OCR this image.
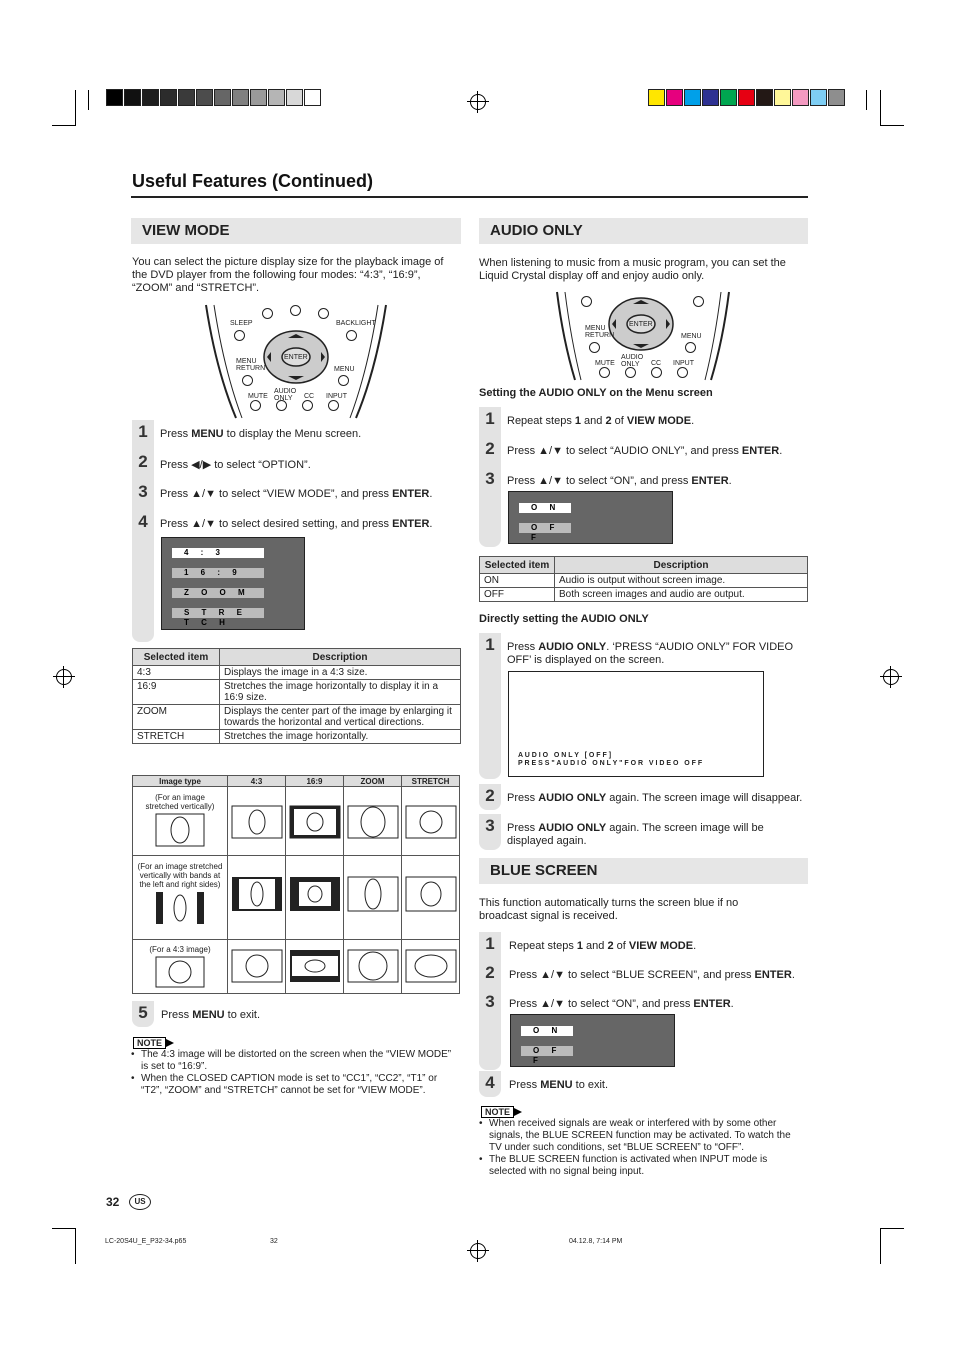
Useful Features (Continued)
VIEW MODE
You can select the picture display size for the playback image of the DVD player from the following four modes: “4:3”, “16:9”, “ZOOM” and “STRETCH”.
SLEEP	BACKLIGHT
ENTER
MENU
RETURN	MENU
MUTE
AUDIO
ONLY	CC INPUT
1	Press MENU to display the Menu screen.
2	Press ◀/▶ to select “OPTION”.
3	Press ▲/▼ to select “VIEW MODE”, and press ENTER.
4	Press ▲/▼ to select desired setting, and press ENTER.
4 : 3
1 6 : 9
Z O O M
S T R E T C H
Selected item	Description
4:3	Displays the image in a 4:3 size.
16:9	Stretches the image horizontally to display it in a 16:9 size.
ZOOM	Displays the center part of the image by enlarging it towards the horizontal and vertical directions.
STRETCH	Stretches the image horizontally.
Image type	4:3	16:9	ZOOM	STRETCH

(For an image stretched vertically)

(For an image stretched vertically with bands at the left and right sides)

(For a 4:3 image)

5	Press MENU to exit.
NOTE
• The 4:3 image will be distorted on the screen when the “VIEW MODE” is set to “16:9”.
• When the CLOSED CAPTION mode is set to “CC1”, “CC2”, “T1” or “T2”, “ZOOM” and “STRETCH” cannot be set for “VIEW MODE”.
AUDIO ONLY
When listening to music from a music program, you can set the Liquid Crystal display off and enjoy audio only.
ENTER
MENU
RETURN	MENU
MUTE
AUDIO
ONLY	CC INPUT
Setting the AUDIO ONLY on the Menu screen
1	Repeat steps 1 and 2 of VIEW MODE.
2	Press ▲/▼ to select “AUDIO ONLY”, and press ENTER.
3	Press ▲/▼ to select “ON”, and press ENTER.
O N
O F F
Selected item	Description
ON	Audio is output without screen image.
OFF	Both screen images and audio are output.
Directly setting the AUDIO ONLY
1	Press AUDIO ONLY. ‘PRESS “AUDIO ONLY” FOR VIDEO OFF’ is displayed on the screen.
A U D I O   O N L Y   [ O F F ]
P R E S S " A U D I O   O N L Y " F O R   V I D E O   O F F
2	Press AUDIO ONLY again. The screen image will disappear.
3	Press AUDIO ONLY again. The screen image will be displayed again.
BLUE SCREEN
This function automatically turns the screen blue if no broadcast signal is received.
1	Repeat steps 1 and 2 of VIEW MODE.
2	Press ▲/▼ to select “BLUE SCREEN”, and press ENTER.
3	Press ▲/▼ to select “ON”, and press ENTER.
O N
O F F
4	Press MENU to exit.
NOTE
• When received signals are weak or interfered with by some other signals, the BLUE SCREEN function may be activated. To watch the TV under such conditions, set “BLUE SCREEN” to “OFF”.
• The BLUE SCREEN function is activated when INPUT mode is selected with no signal being input.
32	US
LC-20S4U_E_P32-34.p65	32	04.12.8, 7:14 PM
